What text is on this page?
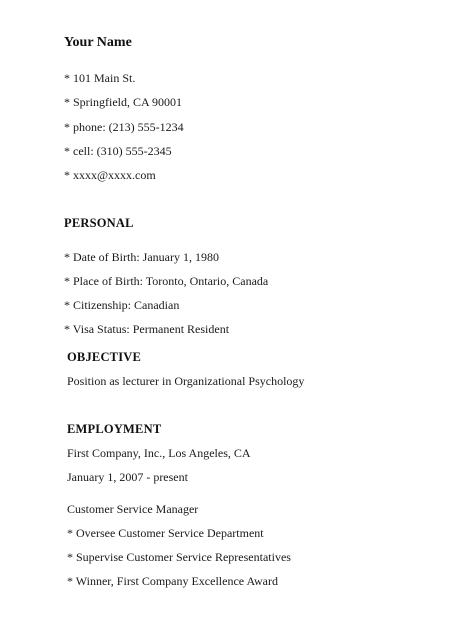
Your Name
* 101 Main St.
* Springfield, CA 90001
* phone: (213) 555-1234
* cell: (310) 555-2345
* xxxx@xxxx.com
PERSONAL
* Date of Birth: January 1, 1980
* Place of Birth: Toronto, Ontario, Canada
* Citizenship: Canadian
* Visa Status: Permanent Resident
OBJECTIVE
Position as lecturer in Organizational Psychology
EMPLOYMENT
First Company, Inc., Los Angeles, CA
January 1, 2007 - present
Customer Service Manager
* Oversee Customer Service Department
* Supervise Customer Service Representatives
* Winner, First Company Excellence Award
